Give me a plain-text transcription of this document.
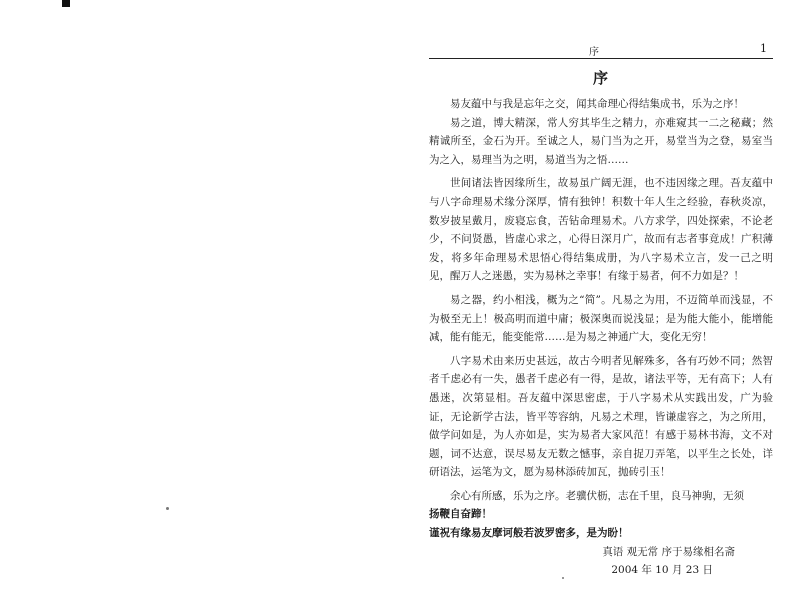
序	1
序

易友蕴中与我是忘年之交，闻其命理心得结集成书，乐为之序！

易之道，博大精深，常人穷其毕生之精力，亦难窥其一二之秘藏；然精诚所至，金石为开。至诚之人，易门当为之开，易堂当为之登，易室当为之入，易理当为之明，易道当为之悟……

世间诸法皆因缘所生，故易虽广阔无涯，也不违因缘之理。吾友蕴中与八字命理易术缘分深厚，情有独钟！积数十年人生之经验，春秋炎凉，数岁披星戴月，废寝忘食，苦钻命理易术。八方求学，四处探索，不论老少，不问贤愚，皆虚心求之，心得日深月广，故而有志者事竟成！广积薄发，将多年命理易术思悟心得结集成册，为八字易术立言，发一己之明见，醒万人之迷愚，实为易林之幸事！有缘于易者，何不力如是？！

易之器，约小相浅，概为之“简”。凡易之为用，不迈简单而浅显，不为极至无上！极高明而道中庸；极深奥而说浅显；是为能大能小，能增能减，能有能无，能变能常……是为易之神通广大，变化无穷！

八字易术由来历史甚远，故古今明者见解殊多，各有巧妙不同；然智者千虑必有一失，愚者千虑必有一得，是故，诸法平等，无有高下；人有愚迷，次第显相。吾友蕴中深思密虑，于八字易术从实践出发，广为验证，无论新学古法，皆平等容纳，凡易之术理，皆谦虚容之，为之所用，做学问如是，为人亦如是，实为易者大家风范！有感于易林书海，文不对题，词不达意，误尽易友无数之憾事，亲自捉刀弄笔，以平生之长处，详研语法，运笔为文，愿为易林添砖加瓦，抛砖引玉！

余心有所感，乐为之序。老骥伏枥，志在千里，良马神驹，无须

扬鞭自奋蹄！

谨祝有缘易友摩诃般若波罗密多，是为盼！

真语 观无常 序于易缘相名斋
2004 年 10 月 23 日
